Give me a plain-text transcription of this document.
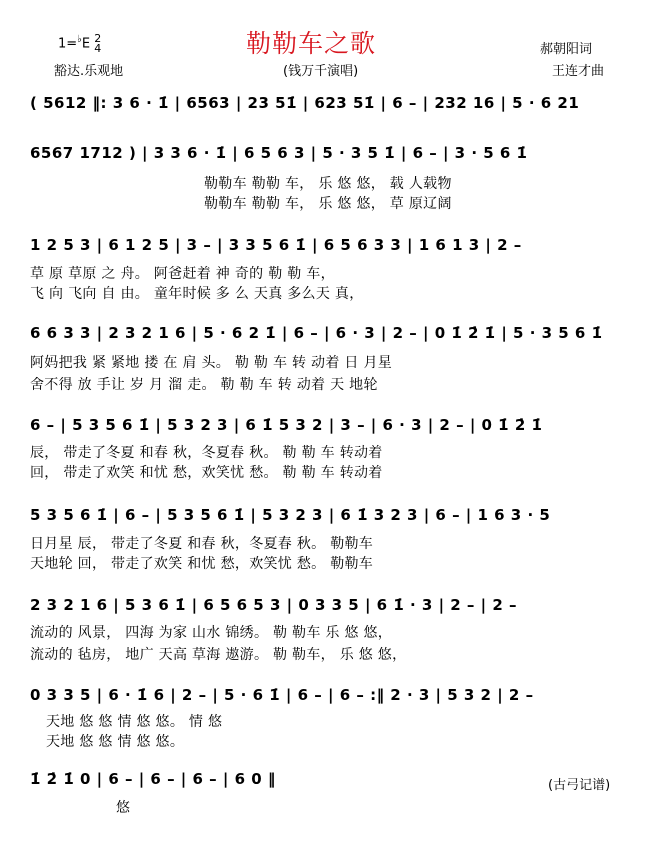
1=♭E 2
4	勒勒车之歌	郝朝阳词
豁达.乐观地	(钱万千演唱)	王连才曲
( 5612 ‖: 3 6 · 1̇ | 6563 | 23 51̇ | 623 51̇ | 6 – | 232 16 | 5 · 6 21
6567 1712 ) | 3 3 6 · 1̇ | 6 5 6 3 | 5 · 3 5 1̇ | 6 – | 3 · 5 6 1̇
勒勒车 勒勒 车， 乐 悠 悠， 载 人载物
勒勒车 勒勒 车， 乐 悠 悠， 草 原辽阔
1 2 5 3 | 6 1 2 5 | 3 – | 3 3 5 6 1̇ | 6 5 6 3 3 | 1 6 1 3 | 2 –
草 原 草原 之 舟。 阿爸赶着 神 奇的 勒 勒 车，
飞 向 飞向 自 由。 童年时候 多 么 天真 多么天 真，
6 6 3 3 | 2 3 2 1 6 | 5 · 6 2 1̇ | 6 – | 6 · 3 | 2 – | 0 1̇ 2̇ 1̇ | 5 · 3 5 6 1̇
阿妈把我 紧 紧地 搂 在 肩 头。 勒 勒 车 转 动着 日 月星
舍不得 放 手让 岁 月 溜 走。 勒 勒 车 转 动着 天 地轮
6 – | 5 3 5 6 1̇ | 5 3 2 3 | 6 1̇ 5 3 2 | 3 – | 6 · 3 | 2 – | 0 1̇ 2̇ 1̇
辰， 带走了冬夏 和春 秋，冬夏春 秋。 勒 勒 车 转动着
回， 带走了欢笑 和忧 愁，欢笑忧 愁。 勒 勒 车 转动着
5 3 5 6 1̇ | 6 – | 5 3 5 6 1̇ | 5 3 2 3 | 6 1̇ 3 2 3 | 6 – | 1 6 3 · 5
日月星 辰， 带走了冬夏 和春 秋，冬夏春 秋。 勒勒车
天地轮 回， 带走了欢笑 和忧 愁，欢笑忧 愁。 勒勒车
2 3 2 1 6 | 5 3 6 1̇ | 6 5 6 5 3 | 0 3 3 5 | 6 1̇ · 3 | 2 – | 2 –
流动的 风景， 四海 为家 山水 锦绣。 勒 勒车 乐 悠 悠，
流动的 毡房， 地广 天高 草海 遨游。 勒 勒车， 乐 悠 悠，
0 3 3 5 | 6 · 1̇ 6 | 2 – | 5 · 6 1̇ | 6 – | 6 – :‖ 2 · 3 | 5 3 2 | 2 –
天地 悠 悠 情 悠 悠。 情 悠
天地 悠 悠 情 悠 悠。
1̇ 2̇ 1̇ 0 | 6 – | 6 – | 6 – | 6 0 ‖
悠
(古弓记谱)
